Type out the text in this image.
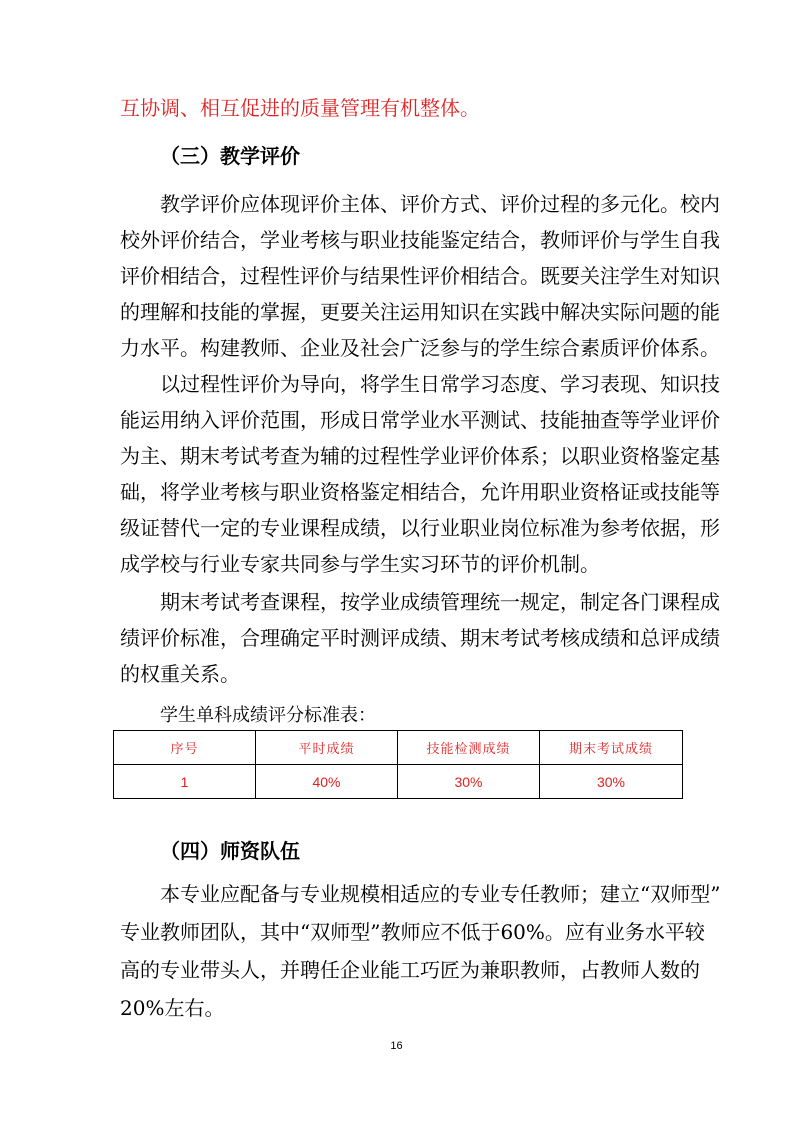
互协调、相互促进的质量管理有机整体。
（三）教学评价
教学评价应体现评价主体、评价方式、评价过程的多元化。校内
校外评价结合，学业考核与职业技能鉴定结合，教师评价与学生自我
评价相结合，过程性评价与结果性评价相结合。既要关注学生对知识
的理解和技能的掌握，更要关注运用知识在实践中解决实际问题的能
力水平。构建教师、企业及社会广泛参与的学生综合素质评价体系。
以过程性评价为导向，将学生日常学习态度、学习表现、知识技
能运用纳入评价范围，形成日常学业水平测试、技能抽查等学业评价
为主、期末考试考查为辅的过程性学业评价体系；以职业资格鉴定基
础，将学业考核与职业资格鉴定相结合，允许用职业资格证或技能等
级证替代一定的专业课程成绩，以行业职业岗位标准为参考依据，形
成学校与行业专家共同参与学生实习环节的评价机制。
期末考试考查课程，按学业成绩管理统一规定，制定各门课程成
绩评价标准，合理确定平时测评成绩、期末考试考核成绩和总评成绩
的权重关系。
学生单科成绩评分标准表：
序号	平时成绩	技能检测成绩	期末考试成绩
1	40%	30%	30%
（四）师资队伍
本专业应配备与专业规模相适应的专业专任教师；建立“双师型”
专业教师团队，其中“双师型”教师应不低于60%。应有业务水平较
高的专业带头人，并聘任企业能工巧匠为兼职教师，占教师人数的
20%左右。
16
